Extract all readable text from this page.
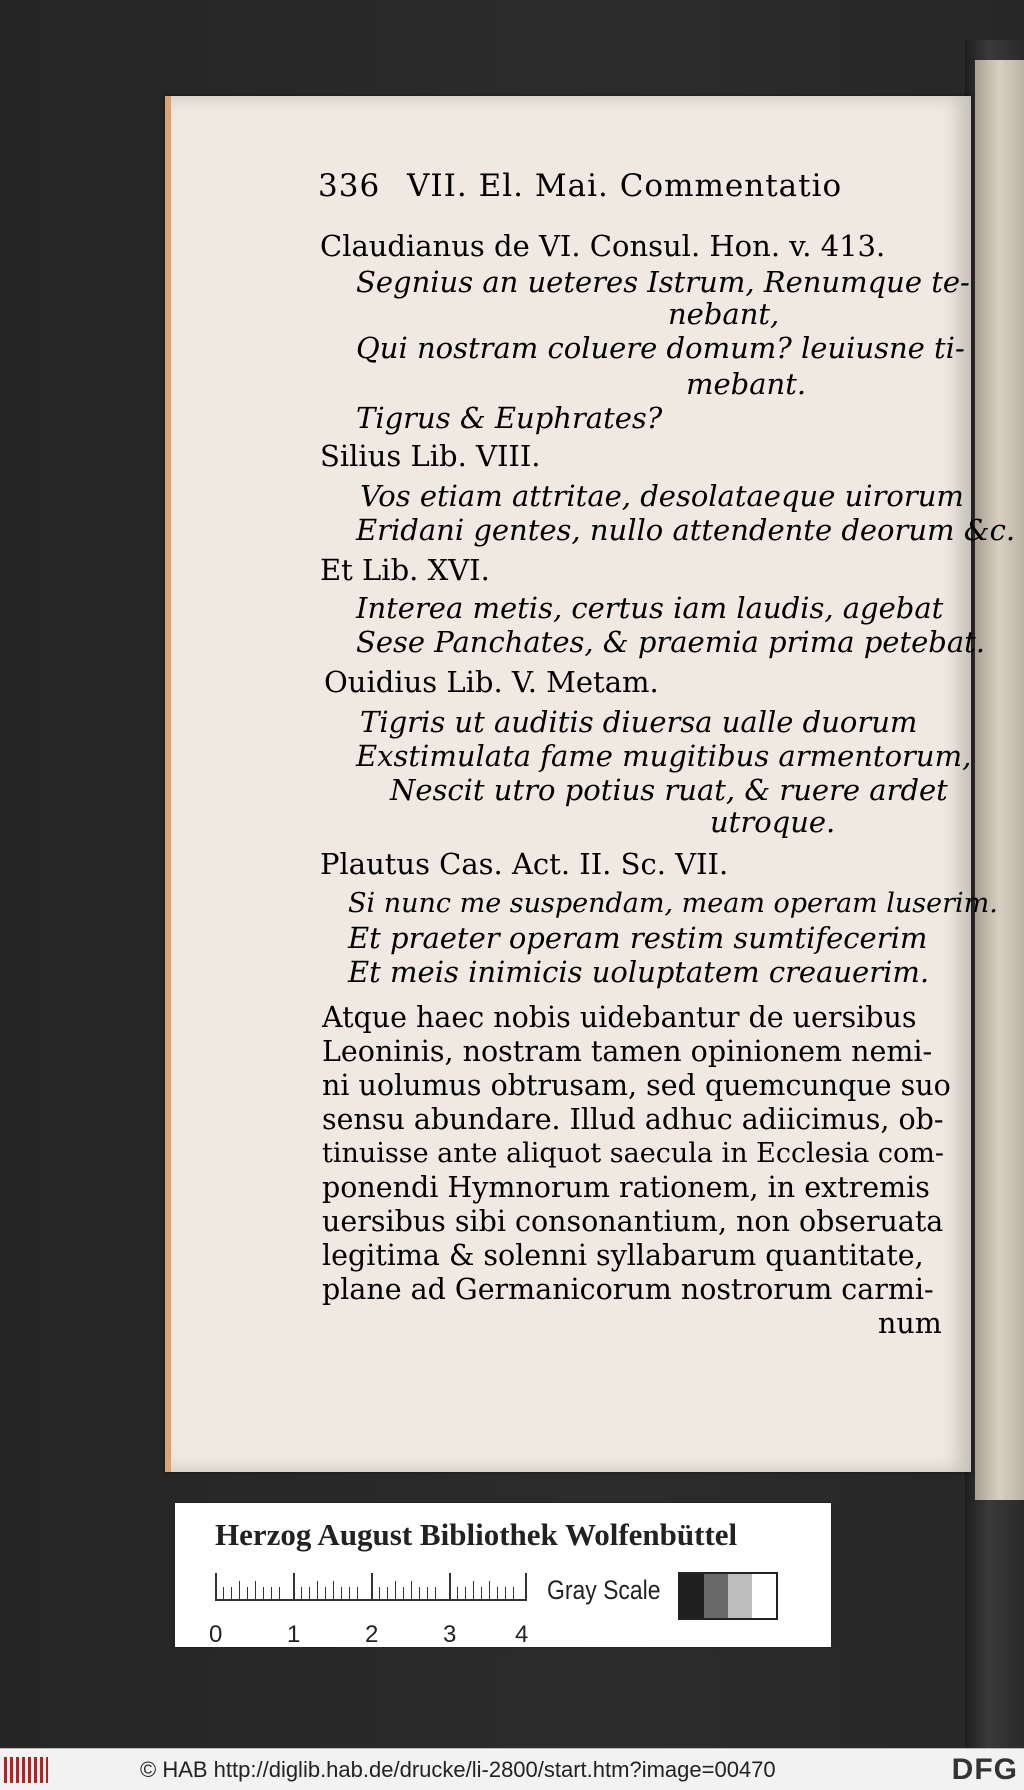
336 VII. El. Mai. Commentatio
Claudianus de VI. Consul. Hon. v. 413.
Segnius an ueteres Istrum, Renumque te-
nebant,
Qui nostram coluere domum? leuiusne ti-
mebant.
Tigrus & Euphrates?
Silius Lib. VIII.
Vos etiam attritae, desolataeque uirorum
Eridani gentes, nullo attendente deorum &c.
Et Lib. XVI.
Interea metis, certus iam laudis, agebat
Sese Panchates, & praemia prima petebat.
Ouidius Lib. V. Metam.
Tigris ut auditis diuersa ualle duorum
Exstimulata fame mugitibus armentorum,
Nescit utro potius ruat, & ruere ardet
utroque.
Plautus Cas. Act. II. Sc. VII.
Si nunc me suspendam, meam operam luserim.
Et praeter operam restim sumtifecerim
Et meis inimicis uoluptatem creauerim.
Atque haec nobis uidebantur de uersibus
Leoninis, nostram tamen opinionem nemi-
ni uolumus obtrusam, sed quemcunque suo
sensu abundare. Illud adhuc adiicimus, ob-
tinuisse ante aliquot saecula in Ecclesia com-
ponendi Hymnorum rationem, in extremis
uersibus sibi consonantium, non obseruata
legitima & solenni syllabarum quantitate,
plane ad Germanicorum nostrorum carmi-
num
Herzog August Bibliothek Wolfenbüttel
0	1	2	3 4
Gray Scale
© HAB http://diglib.hab.de/drucke/li-2800/start.htm?image=00470	DFG
